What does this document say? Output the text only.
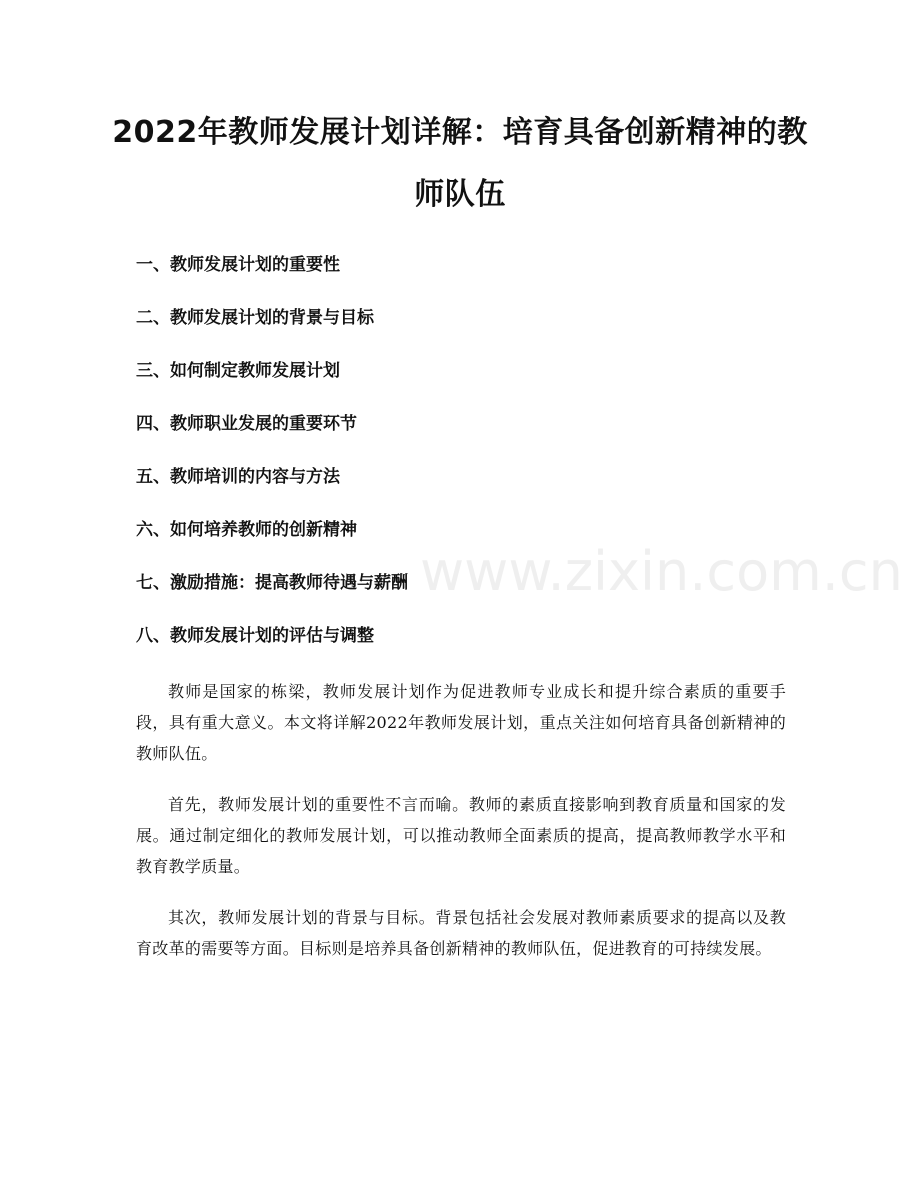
www.zixin.com.cn
2022年教师发展计划详解：培育具备创新精神的教师队伍
一、教师发展计划的重要性
二、教师发展计划的背景与目标
三、如何制定教师发展计划
四、教师职业发展的重要环节
五、教师培训的内容与方法
六、如何培养教师的创新精神
七、激励措施：提高教师待遇与薪酬
八、教师发展计划的评估与调整

教师是国家的栋梁，教师发展计划作为促进教师专业成长和提升综合素质的重要手段，具有重大意义。本文将详解2022年教师发展计划，重点关注如何培育具备创新精神的教师队伍。

首先，教师发展计划的重要性不言而喻。教师的素质直接影响到教育质量和国家的发展。通过制定细化的教师发展计划，可以推动教师全面素质的提高，提高教师教学水平和教育教学质量。

其次，教师发展计划的背景与目标。背景包括社会发展对教师素质要求的提高以及教育改革的需要等方面。目标则是培养具备创新精神的教师队伍，促进教育的可持续发展。
